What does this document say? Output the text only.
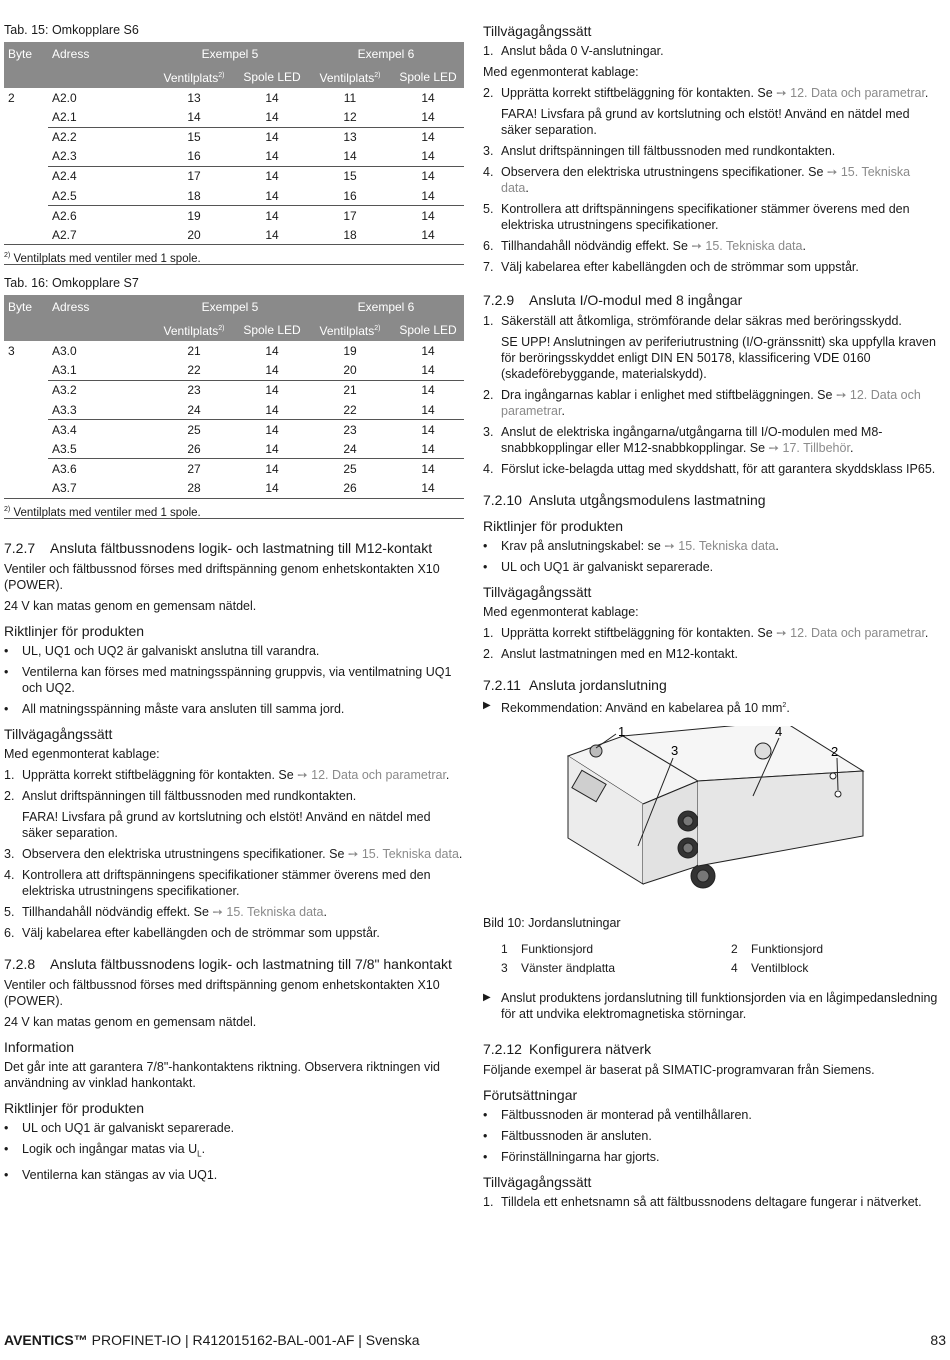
Tab. 15: Omkopplare S6
Byte	Adress	Exempel 5		Exempel 6	
		Ventilplats$^{2)}$	Spole LED	Ventilplats$^{2)}$	Spole LED
2	A2.0	13	14	11	14
	A2.1	14	14	12	14
	A2.2	15	14	13	14
	A2.3	16	14	14	14
	A2.4	17	14	15	14
	A2.5	18	14	16	14
	A2.6	19	14	17	14
	A2.7	20	14	18	14
$^{2)}$ Ventilplats med ventiler med 1 spole.
Tab. 16: Omkopplare S7
Byte	Adress	Exempel 5		Exempel 6	
		Ventilplats$^{2)}$	Spole LED	Ventilplats$^{2)}$	Spole LED
3	A3.0	21	14	19	14
	A3.1	22	14	20	14
	A3.2	23	14	21	14
	A3.3	24	14	22	14
	A3.4	25	14	23	14
	A3.5	26	14	24	14
	A3.6	27	14	25	14
	A3.7	28	14	26	14
$^{2)}$ Ventilplats med ventiler med 1 spole.
7.2.7	Ansluta fältbussnodens logik- och lastmatning till M12-kontakt

Ventiler och fältbussnod förses med driftspänning genom enhetskontakten X10 (POWER).

24 V kan matas genom en gemensam nätdel.

Riktlinjer för produkten
•	UL, UQ1 och UQ2 är galvaniskt anslutna till varandra.
•	Ventilerna kan förses med matningsspänning gruppvis, via ventilmatning UQ1 och UQ2.
•	All matningsspänning måste vara ansluten till samma jord.
Tillvägagångssätt

Med egenmonterat kablage:

1. Upprätta korrekt stiftbeläggning för kontakten. Se ➙ 12. Data och parametrar.
2. Anslut driftspänningen till fältbussnoden med rundkontakten.
FARA! Livsfara på grund av kortslutning och elstöt! Använd en nätdel med säker separation.
3. Observera den elektriska utrustningens specifikationer. Se ➙ 15. Tekniska data.
4. Kontrollera att driftspänningens specifikationer stämmer överens med den elektriska utrustningens specifikationer.
5. Tillhandahåll nödvändig effekt. Se ➙ 15. Tekniska data.
6. Välj kabelarea efter kabellängden och de strömmar som uppstår.
7.2.8	Ansluta fältbussnodens logik- och lastmatning till 7/8" hankontakt

Ventiler och fältbussnod förses med driftspänning genom enhetskontakten X10 (POWER).

24 V kan matas genom en gemensam nätdel.

Information

Det går inte att garantera 7/8"-hankontaktens riktning. Observera riktningen vid användning av vinklad hankontakt.

Riktlinjer för produkten
•	UL och UQ1 är galvaniskt separerade.
•	Logik och ingångar matas via $U_L$.
•	Ventilerna kan stängas av via UQ1.
Tillvägagångssätt
1. Anslut båda 0 V-anslutningar.

Med egenmonterat kablage:

2. Upprätta korrekt stiftbeläggning för kontakten. Se ➙ 12. Data och parametrar.
FARA! Livsfara på grund av kortslutning och elstöt! Använd en nätdel med säker separation.
3. Anslut driftspänningen till fältbussnoden med rundkontakten.
4. Observera den elektriska utrustningens specifikationer. Se ➙ 15. Tekniska data.
5. Kontrollera att driftspänningens specifikationer stämmer överens med den elektriska utrustningens specifikationer.
6. Tillhandahåll nödvändig effekt. Se ➙ 15. Tekniska data.
7. Välj kabelarea efter kabellängden och de strömmar som uppstår.
7.2.9	Ansluta I/O-modul med 8 ingångar
1. Säkerställ att åtkomliga, strömförande delar säkras med beröringsskydd.
SE UPP! Anslutningen av periferiutrustning (I/O-gränssnitt) ska uppfylla kraven för beröringsskyddet enligt DIN EN 50178, klassificering VDE 0160 (skadeförebyggande, materialskydd).
2. Dra ingångarnas kablar i enlighet med stiftbeläggningen. Se ➙ 12. Data och parametrar.
3. Anslut de elektriska ingångarna/utgångarna till I/O-modulen med M8-snabbkopplingar eller M12-snabbkopplingar. Se ➙ 17. Tillbehör.
4. Förslut icke-belagda uttag med skyddshatt, för att garantera skyddsklass IP65.
7.2.10 Ansluta utgångsmodulens lastmatning
Riktlinjer för produkten
•	Krav på anslutningskabel: se ➙ 15. Tekniska data.
•	UL och UQ1 är galvaniskt separerade.
Tillvägagångssätt

Med egenmonterat kablage:

1. Upprätta korrekt stiftbeläggning för kontakten. Se ➙ 12. Data och parametrar.
2. Anslut lastmatningen med en M12-kontakt.
7.2.11 Ansluta jordanslutning
▶ Rekommendation: Använd en kabelarea på 10 $mm^2$.
1
3
4
2
Bild 10: Jordanslutningar
1	Funktionsjord	2	Funktionsjord
3	Vänster ändplatta	4	Ventilblock
▶ Anslut produktens jordanslutning till funktionsjorden via en lågimpedansledning för att undvika elektromagnetiska störningar.
7.2.12 Konfigurera nätverk

Följande exempel är baserat på SIMATIC-programvaran från Siemens.

Förutsättningar
•	Fältbussnoden är monterad på ventilhållaren.
•	Fältbussnoden är ansluten.
•	Förinställningarna har gjorts.
Tillvägagångssätt
1. Tilldela ett enhetsnamn så att fältbussnodens deltagare fungerar i nätverket.
AVENTICS™ PROFINET-IO | R412015162-BAL-001-AF | Svenska	83
